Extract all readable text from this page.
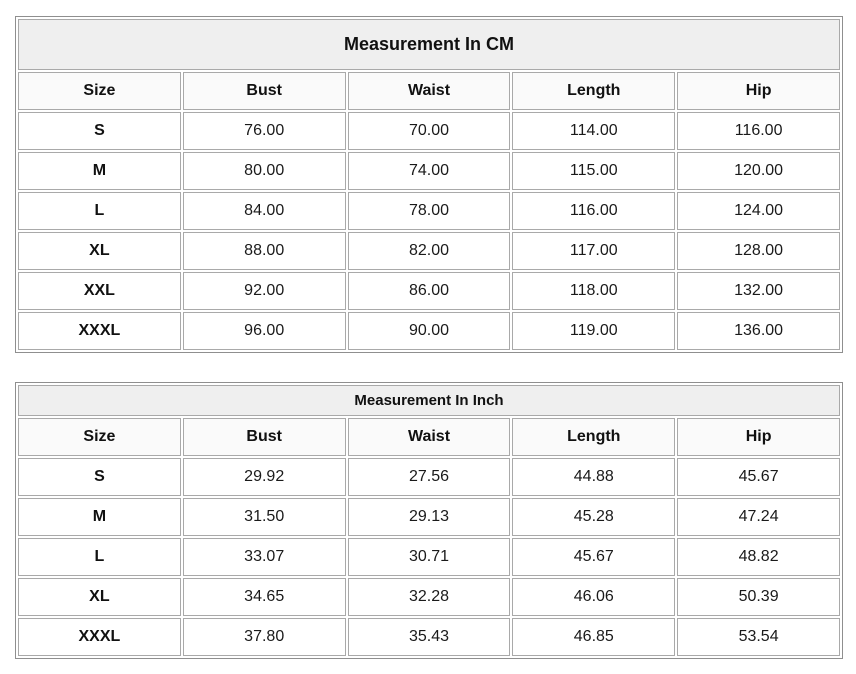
Measurement In CM				
Size	Bust	Waist	Length	Hip
S	76.00	70.00	114.00	116.00
M	80.00	74.00	115.00	120.00
L	84.00	78.00	116.00	124.00
XL	88.00	82.00	117.00	128.00
XXL	92.00	86.00	118.00	132.00
XXXL	96.00	90.00	119.00	136.00
Measurement In Inch				
Size	Bust	Waist	Length	Hip
S	29.92	27.56	44.88	45.67
M	31.50	29.13	45.28	47.24
L	33.07	30.71	45.67	48.82
XL	34.65	32.28	46.06	50.39
XXXL	37.80	35.43	46.85	53.54
